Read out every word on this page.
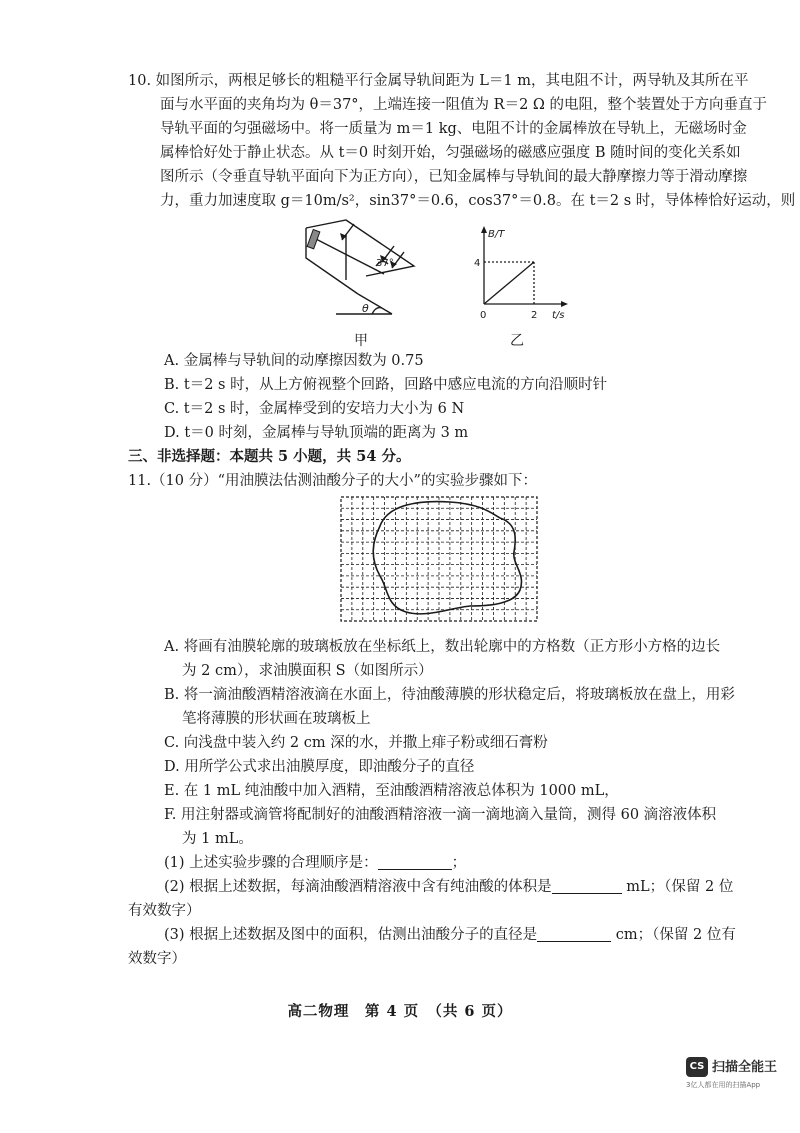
10. 如图所示，两根足够长的粗糙平行金属导轨间距为 L＝1 m，其电阻不计，两导轨及其所在平
面与水平面的夹角均为 θ＝37°，上端连接一阻值为 R＝2 Ω 的电阻，整个装置处于方向垂直于
导轨平面的匀强磁场中。将一质量为 m＝1 kg、电阻不计的金属棒放在导轨上，无磁场时金
属棒恰好处于静止状态。从 t＝0 时刻开始，匀强磁场的磁感应强度 B 随时间的变化关系如
图所示（令垂直导轨平面向下为正方向），已知金属棒与导轨间的最大静摩擦力等于滑动摩擦
力，重力加速度取 g＝10m/s²，sin37°＝0.6，cos37°＝0.8。在 t＝2 s 时，导体棒恰好运动，则
37°
θ
甲
B/T
4
0	2 t/s
乙
A. 金属棒与导轨间的动摩擦因数为 0.75
B. t＝2 s 时，从上方俯视整个回路，回路中感应电流的方向沿顺时针
C. t＝2 s 时，金属棒受到的安培力大小为 6 N
D. t＝0 时刻，金属棒与导轨顶端的距离为 3 m
三、非选择题：本题共 5 小题，共 54 分。
11.（10 分）“用油膜法估测油酸分子的大小”的实验步骤如下：
A. 将画有油膜轮廓的玻璃板放在坐标纸上，数出轮廓中的方格数（正方形小方格的边长
为 2 cm），求油膜面积 S（如图所示）
B. 将一滴油酸酒精溶液滴在水面上，待油酸薄膜的形状稳定后，将玻璃板放在盘上，用彩
笔将薄膜的形状画在玻璃板上
C. 向浅盘中装入约 2 cm 深的水，并撒上痱子粉或细石膏粉
D. 用所学公式求出油膜厚度，即油酸分子的直径
E. 在 1 mL 纯油酸中加入酒精，至油酸酒精溶液总体积为 1000 mL，
F. 用注射器或滴管将配制好的油酸酒精溶液一滴一滴地滴入量筒，测得 60 滴溶液体积
为 1 mL。
(1) 上述实验步骤的合理顺序是：	；
(2) 根据上述数据，每滴油酸酒精溶液中含有纯油酸的体积是	mL；（保留 2 位
有效数字）
(3) 根据上述数据及图中的面积，估测出油酸分子的直径是	cm；（保留 2 位有
效数字）
高二物理　第 4 页　（共 6 页）
CS 扫描全能王
3亿人都在用的扫描App
